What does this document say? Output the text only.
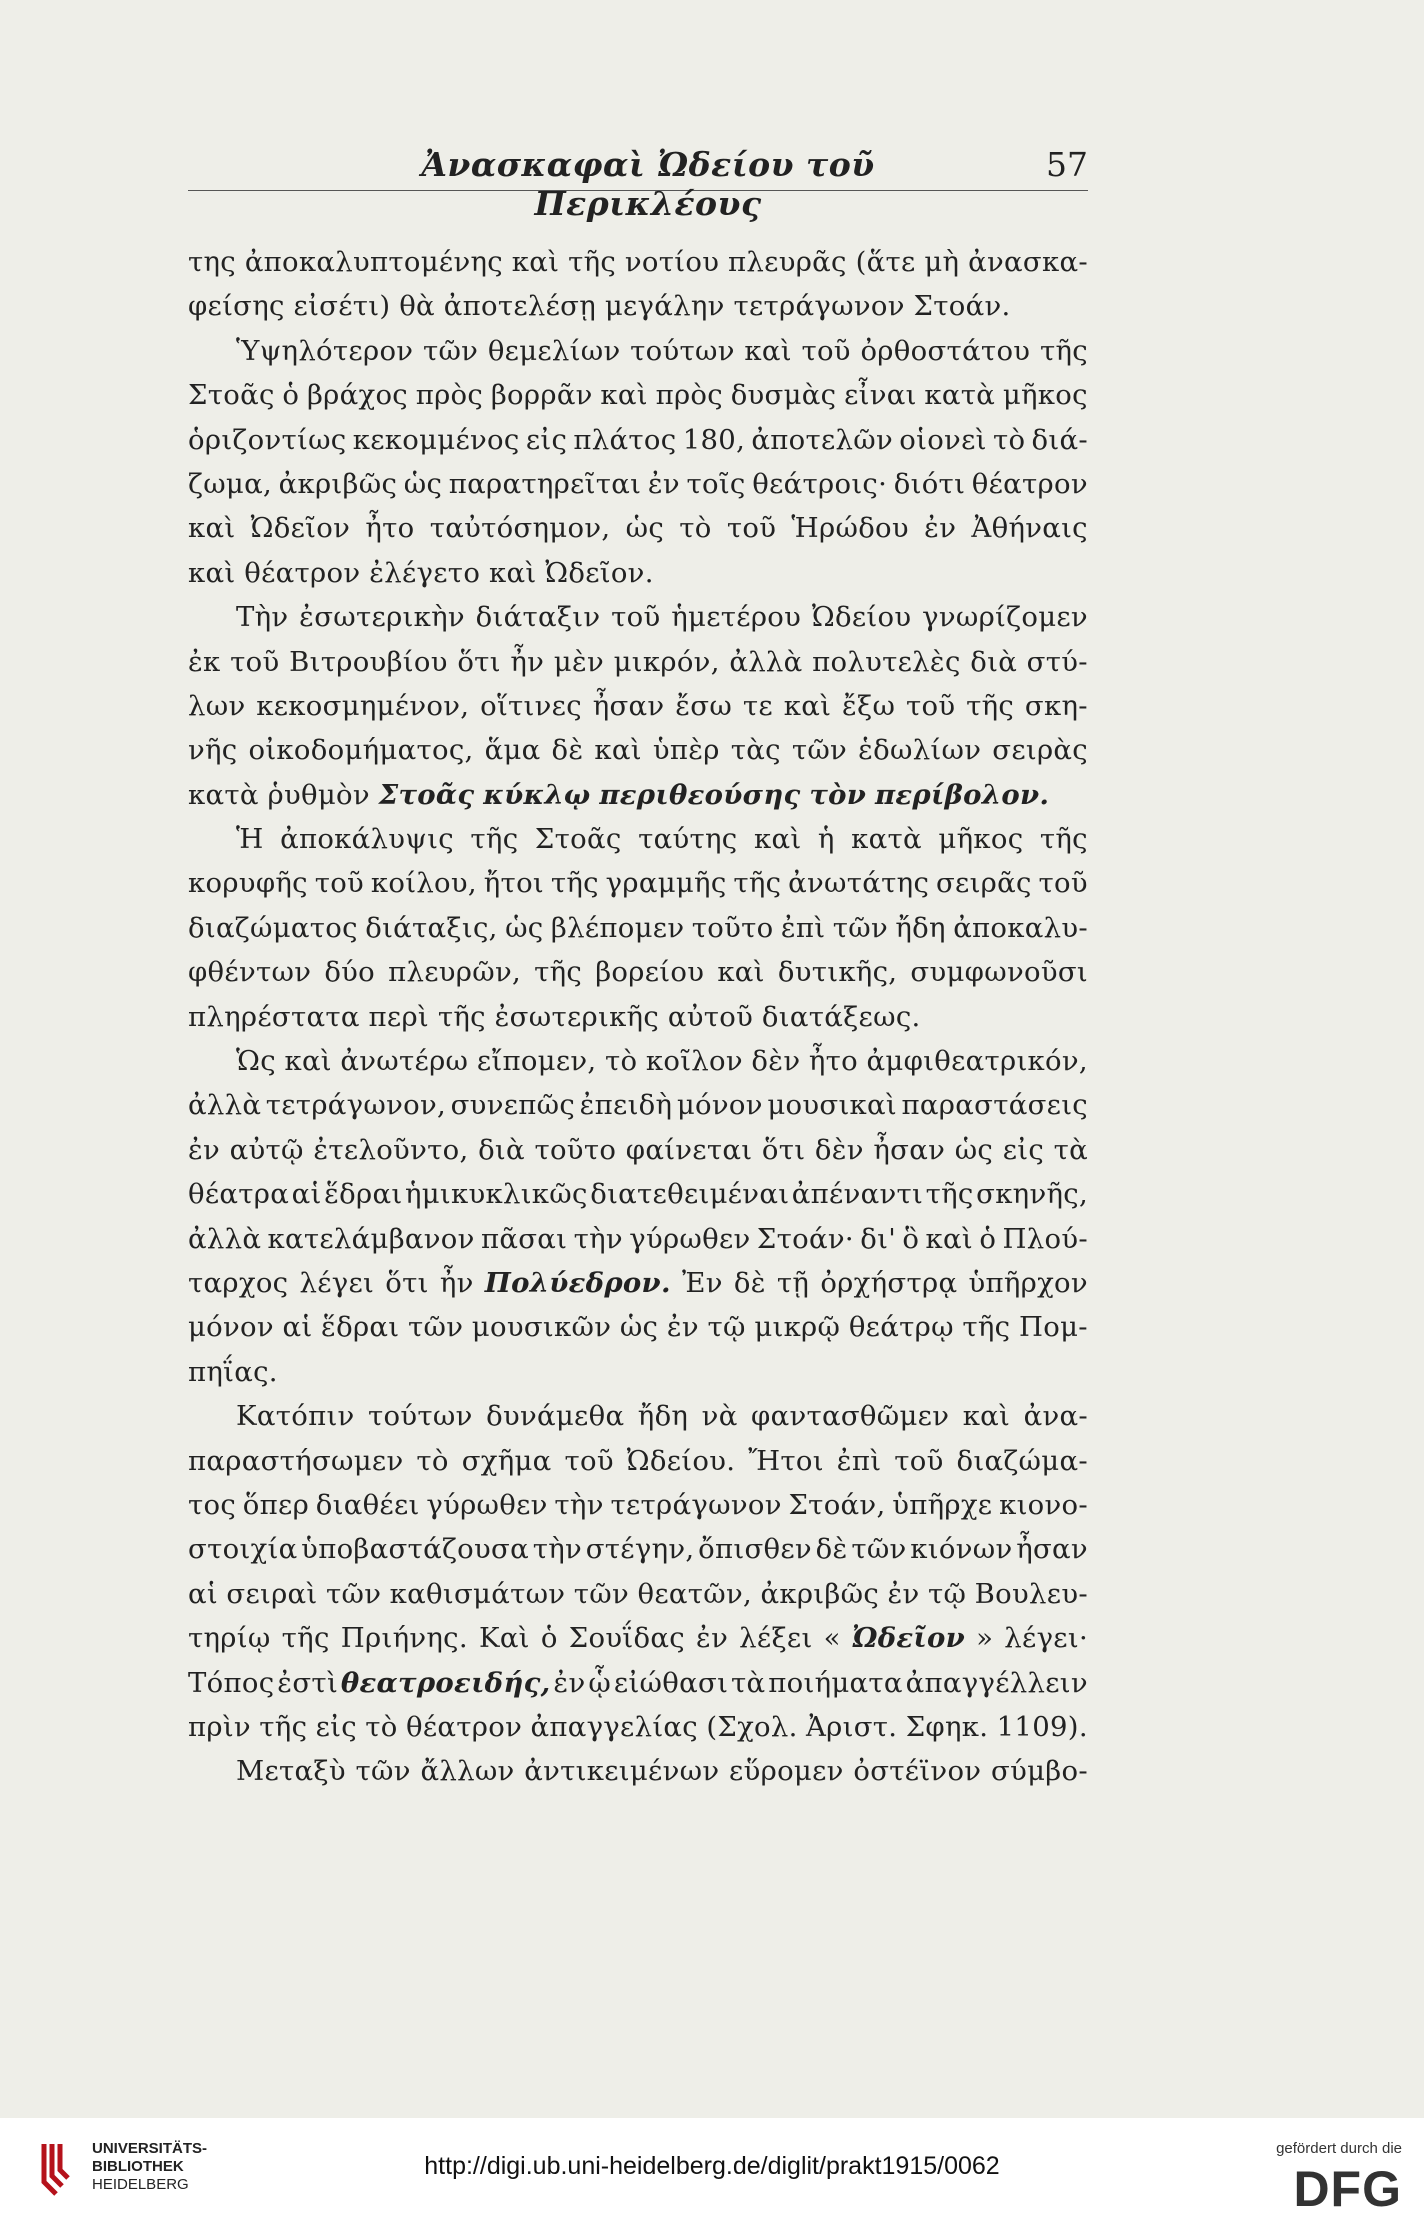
Ἀνασκαφαὶ Ὠδείου τοῦ Περικλέους
57
της ἀποκαλυπτομένης καὶ τῆς νοτίου πλευρᾶς (ἅτε μὴ ἀνασκα-
φείσης εἰσέτι) θὰ ἀποτελέσῃ μεγάλην τετράγωνον Στοάν.
Ὑψηλότερον τῶν θεμελίων τούτων καὶ τοῦ ὀρθοστάτου τῆς
Στοᾶς ὁ βράχος πρὸς βορρᾶν καὶ πρὸς δυσμὰς εἶναι κατὰ μῆκος
ὁριζοντίως κεκομμένος εἰς πλάτος 180, ἀποτελῶν οἱονεὶ τὸ διά-
ζωμα, ἀκριβῶς ὡς παρατηρεῖται ἐν τοῖς θεάτροις· διότι θέατρον
καὶ Ὠδεῖον ἦτο ταὐτόσημον, ὡς τὸ τοῦ Ἡρώδου ἐν Ἀθήναις
καὶ θέατρον ἐλέγετο καὶ Ὠδεῖον.
Τὴν ἐσωτερικὴν διάταξιν τοῦ ἡμετέρου Ὠδείου γνωρίζομεν
ἐκ τοῦ Βιτρουβίου ὅτι ἦν μὲν μικρόν, ἀλλὰ πολυτελὲς διὰ στύ-
λων κεκοσμημένον, οἵτινες ἦσαν ἔσω τε καὶ ἔξω τοῦ τῆς σκη-
νῆς οἰκοδομήματος, ἅμα δὲ καὶ ὑπὲρ τὰς τῶν ἑδωλίων σειρὰς
κατὰ ῥυθμὸν Στοᾶς κύκλῳ περιθεούσης τὸν περίβολον.
Ἡ ἀποκάλυψις τῆς Στοᾶς ταύτης καὶ ἡ κατὰ μῆκος τῆς
κορυφῆς τοῦ κοίλου, ἤτοι τῆς γραμμῆς τῆς ἀνωτάτης σειρᾶς τοῦ
διαζώματος διάταξις, ὡς βλέπομεν τοῦτο ἐπὶ τῶν ἤδη ἀποκαλυ-
φθέντων δύο πλευρῶν, τῆς βορείου καὶ δυτικῆς, συμφωνοῦσι
πληρέστατα περὶ τῆς ἐσωτερικῆς αὐτοῦ διατάξεως.
Ὡς καὶ ἀνωτέρω εἴπομεν, τὸ κοῖλον δὲν ἦτο ἀμφιθεατρικόν,
ἀλλὰ τετράγωνον, συνεπῶς ἐπειδὴ μόνον μουσικαὶ παραστάσεις
ἐν αὐτῷ ἐτελοῦντο, διὰ τοῦτο φαίνεται ὅτι δὲν ἦσαν ὡς εἰς τὰ
θέατρα αἱ ἕδραι ἡμικυκλικῶς διατεθειμέναι ἀπέναντι τῆς σκηνῆς,
ἀλλὰ κατελάμβανον πᾶσαι τὴν γύρωθεν Στοάν· δι' ὃ καὶ ὁ Πλού-
ταρχος λέγει ὅτι ἦν Πολύεδρον. Ἐν δὲ τῇ ὀρχήστρᾳ ὑπῆρχον
μόνον αἱ ἕδραι τῶν μουσικῶν ὡς ἐν τῷ μικρῷ θεάτρῳ τῆς Πομ-
πηΐας.
Κατόπιν τούτων δυνάμεθα ἤδη νὰ φαντασθῶμεν καὶ ἀνα-
παραστήσωμεν τὸ σχῆμα τοῦ Ὠδείου. Ἤτοι ἐπὶ τοῦ διαζώμα-
τος ὅπερ διαθέει γύρωθεν τὴν τετράγωνον Στοάν, ὑπῆρχε κιονο-
στοιχία ὑποβαστάζουσα τὴν στέγην, ὄπισθεν δὲ τῶν κιόνων ἦσαν
αἱ σειραὶ τῶν καθισμάτων τῶν θεατῶν, ἀκριβῶς ἐν τῷ Βουλευ-
τηρίῳ τῆς Πριήνης. Καὶ ὁ Σουΐδας ἐν λέξει « Ὠδεῖον » λέγει·
Τόπος ἐστὶ θεατροειδής, ἐν ᾧ εἰώθασι τὰ ποιήματα ἀπαγγέλλειν
πρὶν τῆς εἰς τὸ θέατρον ἀπαγγελίας (Σχολ. Ἀριστ. Σφηκ. 1109).
Μεταξὺ τῶν ἄλλων ἀντικειμένων εὕρομεν ὀστέϊνον σύμβο-
UNIVERSITÄTS-
BIBLIOTHEK
HEIDELBERG
http://digi.ub.uni-heidelberg.de/diglit/prakt1915/0062
gefördert durch die
DFG
